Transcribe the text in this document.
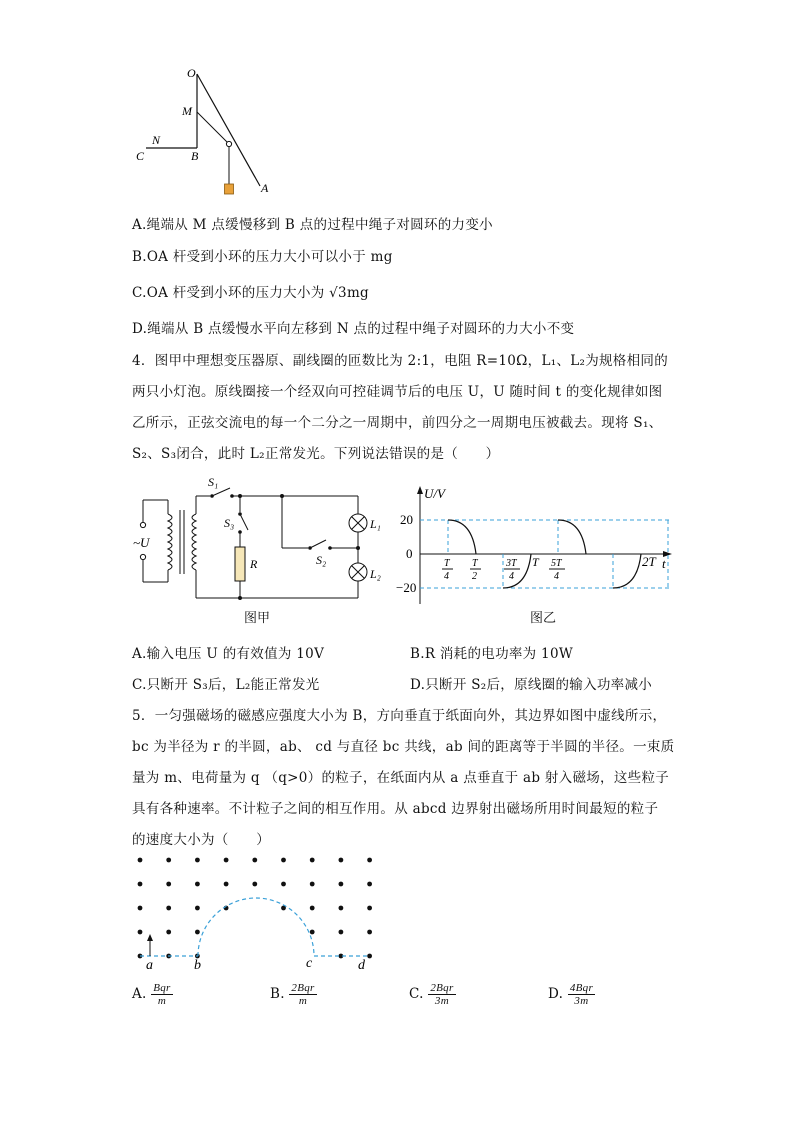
O
M
N
C	B
A
A.绳端从 M 点缓慢移到 B 点的过程中绳子对圆环的力变小
B.OA 杆受到小环的压力大小可以小于 mg
C.OA 杆受到小环的压力大小为 √3mg
D.绳端从 B 点缓慢水平向左移到 N 点的过程中绳子对圆环的力大小不变
4．图甲中理想变压器原、副线圈的匝数比为 2:1，电阻 R=10Ω，L₁、L₂为规格相同的
两只小灯泡。原线圈接一个经双向可控硅调节后的电压 U，U 随时间 t 的变化规律如图
乙所示，正弦交流电的每一个二分之一周期中，前四分之一周期电压被截去。现将 S₁、
S₂、S₃闭合，此时 L₂正常发光。下列说法错误的是（　　）
~U
S₁
S₃
R	S₂
L₁
L₂
图甲
U/V
t
20
0
−20
T
4
T
2
3T
4
T 5T
4
2T
图乙
A.输入电压 U 的有效值为 10V	B.R 消耗的电功率为 10W
C.只断开 S₃后，L₂能正常发光	D.只断开 S₂后，原线圈的输入功率减小
5．一匀强磁场的磁感应强度大小为 B，方向垂直于纸面向外，其边界如图中虚线所示，
bc 为半径为 r 的半圆，ab、 cd 与直径 bc 共线，ab 间的距离等于半圆的半径。一束质
量为 m、电荷量为 q （q>0）的粒子，在纸面内从 a 点垂直于 ab 射入磁场，这些粒子
具有各种速率。不计粒子之间的相互作用。从 abcd 边界射出磁场所用时间最短的粒子
的速度大小为（　　）
a	b	c	d
A. $\frac{\text{Bqr}}{m}$	B. $\frac{\text{2Bqr}}{m}$	C. $\frac{\text{2Bqr}}{3m}$	D. $\frac{\text{4Bqr}}{3m}$
